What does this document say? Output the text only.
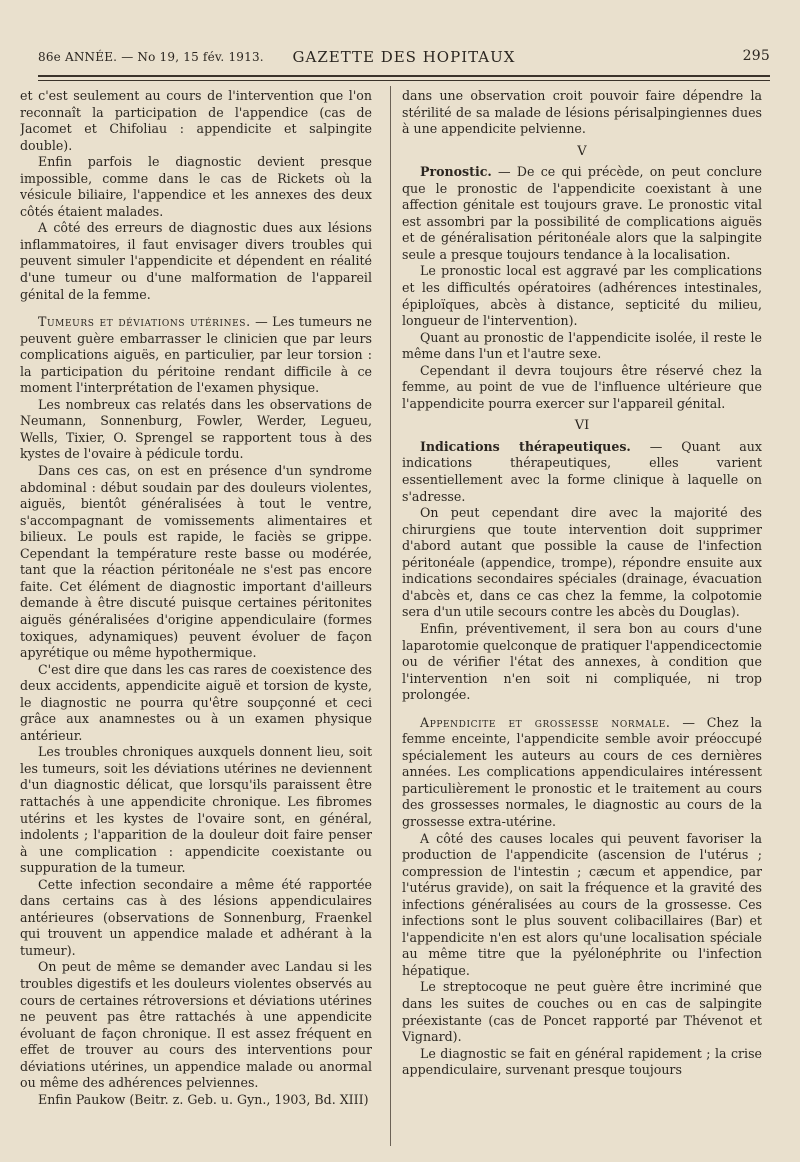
86e ANNÉE. — No 19, 15 fév. 1913.	GAZETTE DES HOPITAUX	295

et c'est seulement au cours de l'intervention que l'on reconnaît la participation de l'appendice (cas de Jacomet et Chifoliau : appendicite et salpingite double).

Enfin parfois le diagnostic devient presque impossible, comme dans le cas de Rickets où la vésicule biliaire, l'appendice et les annexes des deux côtés étaient malades.

A côté des erreurs de diagnostic dues aux lésions inflammatoires, il faut envisager divers troubles qui peuvent simuler l'appendicite et dépendent en réalité d'une tumeur ou d'une malformation de l'appareil génital de la femme.

Tumeurs et déviations utérines. — Les tumeurs ne peuvent guère embarrasser le clinicien que par leurs complications aiguës, en particulier, par leur torsion : la participation du péritoine rendant difficile à ce moment l'interprétation de l'examen physique.

Les nombreux cas relatés dans les observations de Neumann, Sonnenburg, Fowler, Werder, Legueu, Wells, Tixier, O. Sprengel se rapportent tous à des kystes de l'ovaire à pédicule tordu.

Dans ces cas, on est en présence d'un syndrome abdominal : début soudain par des douleurs violentes, aiguës, bientôt généralisées à tout le ventre, s'accompagnant de vomissements alimentaires et bilieux. Le pouls est rapide, le faciès se grippe. Cependant la température reste basse ou modérée, tant que la réaction péritonéale ne s'est pas encore faite. Cet élément de diagnostic important d'ailleurs demande à être discuté puisque certaines péritonites aiguës généralisées d'origine appendiculaire (formes toxiques, adynamiques) peuvent évoluer de façon apyrétique ou même hypothermique.

C'est dire que dans les cas rares de coexistence des deux accidents, appendicite aiguë et torsion de kyste, le diagnostic ne pourra qu'être soupçonné et ceci grâce aux anamnestes ou à un examen physique antérieur.

Les troubles chroniques auxquels donnent lieu, soit les tumeurs, soit les déviations utérines ne deviennent d'un diagnostic délicat, que lorsqu'ils paraissent être rattachés à une appendicite chronique. Les fibromes utérins et les kystes de l'ovaire sont, en général, indolents ; l'apparition de la douleur doit faire penser à une complication : appendicite coexistante ou suppuration de la tumeur.

Cette infection secondaire a même été rapportée dans certains cas à des lésions appendiculaires antérieures (observations de Sonnenburg, Fraenkel qui trouvent un appendice malade et adhérant à la tumeur).

On peut de même se demander avec Landau si les troubles digestifs et les douleurs violentes observés au cours de certaines rétroversions et déviations utérines ne peuvent pas être rattachés à une appendicite évoluant de façon chronique. Il est assez fréquent en effet de trouver au cours des interventions pour déviations utérines, un appendice malade ou anormal ou même des adhérences pelviennes.

Enfin Paukow (Beitr. z. Geb. u. Gyn., 1903, Bd. XIII)

dans une observation croit pouvoir faire dépendre la stérilité de sa malade de lésions périsalpingiennes dues à une appendicite pelvienne.

V

Pronostic. — De ce qui précède, on peut conclure que le pronostic de l'appendicite coexistant à une affection génitale est toujours grave. Le pronostic vital est assombri par la possibilité de complications aiguës et de généralisation péritonéale alors que la salpingite seule a presque toujours tendance à la localisation.

Le pronostic local est aggravé par les complications et les difficultés opératoires (adhérences intestinales, épiploïques, abcès à distance, septicité du milieu, longueur de l'intervention).

Quant au pronostic de l'appendicite isolée, il reste le même dans l'un et l'autre sexe.

Cependant il devra toujours être réservé chez la femme, au point de vue de l'influence ultérieure que l'appendicite pourra exercer sur l'appareil génital.

VI

Indications thérapeutiques. — Quant aux indications thérapeutiques, elles varient essentiellement avec la forme clinique à laquelle on s'adresse.

On peut cependant dire avec la majorité des chirurgiens que toute intervention doit supprimer d'abord autant que possible la cause de l'infection péritonéale (appendice, trompe), répondre ensuite aux indications secondaires spéciales (drainage, évacuation d'abcès et, dans ce cas chez la femme, la colpotomie sera d'un utile secours contre les abcès du Douglas).

Enfin, préventivement, il sera bon au cours d'une laparotomie quelconque de pratiquer l'appendicectomie ou de vérifier l'état des annexes, à condition que l'intervention n'en soit ni compliquée, ni trop prolongée.

Appendicite et grossesse normale. — Chez la femme enceinte, l'appendicite semble avoir préoccupé spécialement les auteurs au cours de ces dernières années. Les complications appendiculaires intéressent particulièrement le pronostic et le traitement au cours des grossesses normales, le diagnostic au cours de la grossesse extra-utérine.

A côté des causes locales qui peuvent favoriser la production de l'appendicite (ascension de l'utérus ; compression de l'intestin ; cæcum et appendice, par l'utérus gravide), on sait la fréquence et la gravité des infections généralisées au cours de la grossesse. Ces infections sont le plus souvent colibacillaires (Bar) et l'appendicite n'en est alors qu'une localisation spéciale au même titre que la pyélonéphrite ou l'infection hépatique.

Le streptocoque ne peut guère être incriminé que dans les suites de couches ou en cas de salpingite préexistante (cas de Poncet rapporté par Thévenot et Vignard).

Le diagnostic se fait en général rapidement ; la crise appendiculaire, survenant presque toujours
